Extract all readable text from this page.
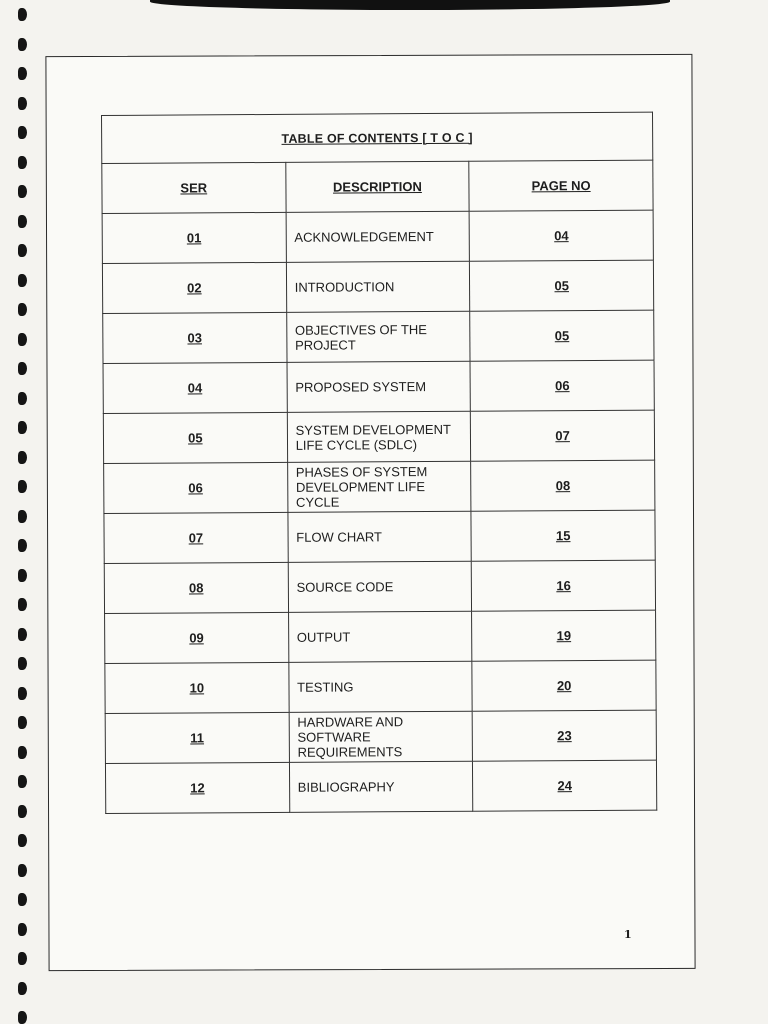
TABLE OF CONTENTS [ T O C ]		
SER	DESCRIPTION	PAGE NO
01	ACKNOWLEDGEMENT	04
02	INTRODUCTION	05
03	OBJECTIVES OF THE PROJECT	05
04	PROPOSED SYSTEM	06
05	SYSTEM DEVELOPMENT LIFE CYCLE (SDLC)	07
06	PHASES OF SYSTEM DEVELOPMENT LIFE CYCLE	08
07	FLOW CHART	15
08	SOURCE CODE	16
09	OUTPUT	19
10	TESTING	20
11	HARDWARE AND SOFTWARE REQUIREMENTS	23
12	BIBLIOGRAPHY	24
1
